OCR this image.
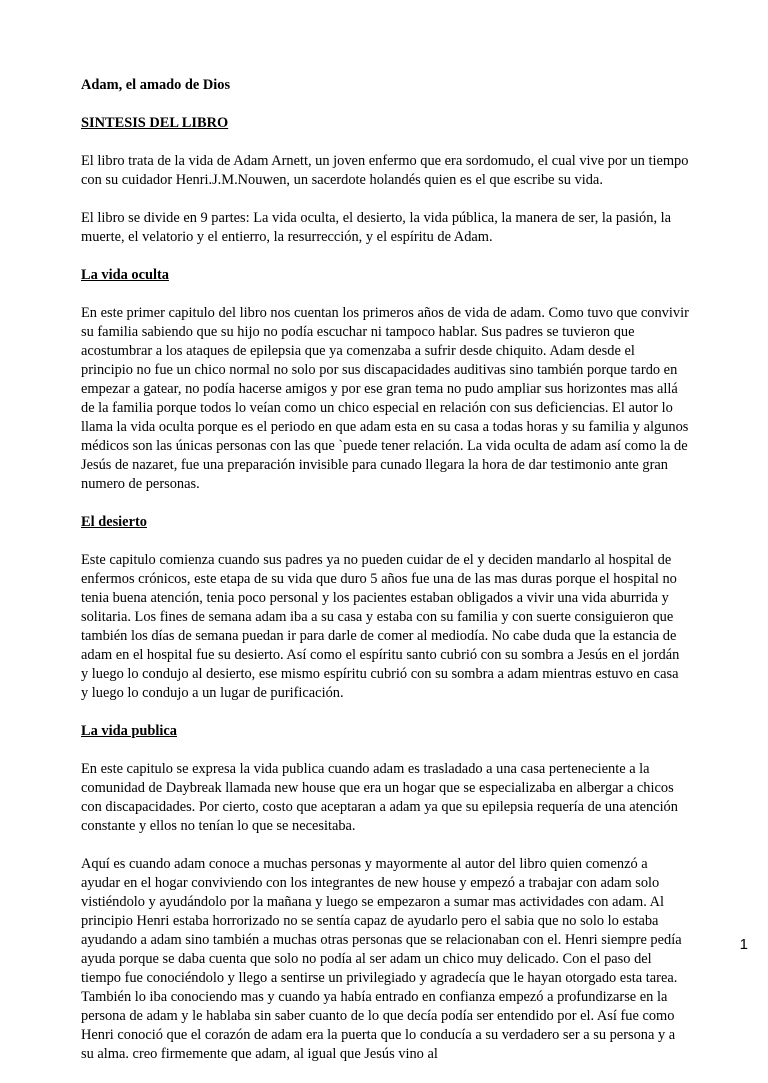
Adam, el amado de Dios

SINTESIS DEL LIBRO

El libro trata de la vida de Adam Arnett, un joven enfermo que era sordomudo, el cual vive por un tiempo con su cuidador Henri.J.M.Nouwen, un sacerdote holandés quien es el que escribe su vida.

El libro se divide en 9 partes: La vida oculta, el desierto, la vida pública, la manera de ser, la pasión, la muerte, el velatorio y el entierro, la resurrección, y el espíritu de Adam.

La vida oculta

En este primer capitulo del libro nos cuentan los primeros años de vida de adam. Como tuvo que convivir su familia sabiendo que su hijo no podía escuchar ni tampoco hablar. Sus padres se tuvieron que acostumbrar a los ataques de epilepsia que ya comenzaba a sufrir desde chiquito. Adam desde el principio no fue un chico normal no solo por sus discapacidades auditivas sino también porque tardo en empezar a gatear, no podía hacerse amigos y por ese gran tema no pudo ampliar sus horizontes mas allá de la familia porque todos lo veían como un chico especial en relación con sus deficiencias. El autor lo llama la vida oculta porque es el periodo en que adam esta en su casa a todas horas y su familia y algunos médicos son las únicas personas con las que `puede tener relación. La vida oculta de adam así como la de Jesús de nazaret, fue una preparación invisible para cunado llegara la hora de dar testimonio ante gran numero de personas.

El desierto

Este capitulo comienza cuando sus padres ya no pueden cuidar de el y deciden mandarlo al hospital de enfermos crónicos, este etapa de su vida que duro 5 años fue una de las mas duras porque el hospital no tenia buena atención, tenia poco personal y los pacientes estaban obligados a vivir una vida aburrida y solitaria. Los fines de semana adam iba a su casa y estaba con su familia y con suerte consiguieron que también los días de semana puedan ir para darle de comer al mediodía. No cabe duda que la estancia de adam en el hospital fue su desierto. Así como el espíritu santo cubrió con su sombra a Jesús en el jordán y luego lo condujo al desierto, ese mismo espíritu cubrió con su sombra a adam mientras estuvo en casa y luego lo condujo a un lugar de purificación.

La vida publica

En este capitulo se expresa la vida publica cuando adam es trasladado a una casa perteneciente a la comunidad de Daybreak llamada new house que era un hogar que se especializaba en albergar a chicos con discapacidades. Por cierto, costo que aceptaran a adam ya que su epilepsia requería de una atención constante y ellos no tenían lo que se necesitaba.

Aquí es cuando adam conoce a muchas personas y mayormente al autor del libro quien comenzó a ayudar en el hogar conviviendo con los integrantes de new house y empezó a trabajar con adam solo vistiéndolo y ayudándolo por la mañana y luego se empezaron a sumar mas actividades con adam. Al principio Henri estaba horrorizado no se sentía capaz de ayudarlo pero el sabia que no solo lo estaba ayudando a adam sino también a muchas otras personas que se relacionaban con el. Henri siempre pedía ayuda porque se daba cuenta que solo no podía al ser adam un chico muy delicado. Con el paso del tiempo fue conociéndolo y llego a sentirse un privilegiado y agradecía que le hayan otorgado esta tarea. También lo iba conociendo mas y cuando ya había entrado en confianza empezó a profundizarse en la persona de adam y le hablaba sin saber cuanto de lo que decía podía ser entendido por el. Así fue como Henri conoció que el corazón de adam era la puerta que lo conducía a su verdadero ser a su persona y a su alma. creo firmemente que adam, al igual que Jesús vino al

1
